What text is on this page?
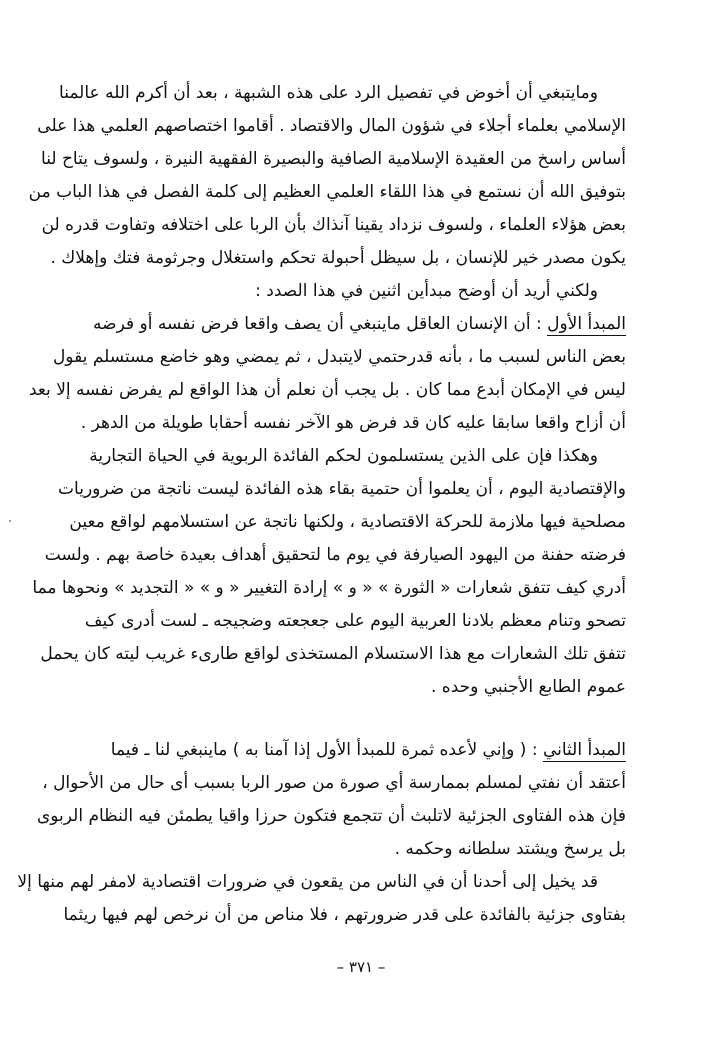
ومايتبغي أن أخوض في تفصيل الرد على هذه الشبهة ، بعد أن أكرم الله عالمنا
الإسلامي بعلماء أجلاء في شؤون المال والاقتصاد . أقاموا اختصاصهم العلمي هذا على
أساس راسخ من العقيدة الإسلامية الصافية والبصيرة الفقهية النيرة ، ولسوف يتاح لنا
بتوفيق الله أن نستمع في هذا اللقاء العلمي العظيم إلى كلمة الفصل في هذا الباب من
بعض هؤلاء العلماء ، ولسوف نزداد يقينا آنذاك بأن الربا على اختلافه وتفاوت قدره لن
يكون مصدر خير للإنسان ، بل سيظل أحبولة تحكم واستغلال وجرثومة فتك وإهلاك .
ولكني أريد أن أوضح مبدأين اثنين في هذا الصدد :
المبدأ الأول : أن الإنسان العاقل ماينبغي أن يصف واقعا فرض نفسه أو فرضه
بعض الناس لسبب ما ، بأنه قدرحتمي لايتبدل ، ثم يمضي وهو خاضع مستسلم يقول
ليس في الإمكان أبدع مما كان . بل يجب أن نعلم أن هذا الواقع لم يفرض نفسه إلا بعد
أن أزاح واقعا سابقا عليه كان قد فرض هو الآخر نفسه أحقابا طويلة من الدهر .
وهكذا فإن على الذين يستسلمون لحكم الفائدة الربوية في الحياة التجارية
والإقتصادية اليوم ، أن يعلموا أن حتمية بقاء هذه الفائدة ليست ناتجة من ضروريات
مصلحية فيها ملازمة للحركة الاقتصادية ، ولكنها ناتجة عن استسلامهم لواقع معين
فرضته حفنة من اليهود الصيارفة في يوم ما لتحقيق أهداف بعيدة خاصة بهم . ولست
أدري كيف تتفق شعارات « الثورة » « و » إرادة التغيير « و » « التجديد » ونحوها مما
تصحو وتنام معظم بلادنا العربية اليوم على جعجعته وضجيجه ـ لست أدرى كيف
تتفق تلك الشعارات مع هذا الاستسلام المستخذى لواقع طارىء غريب ليته كان يحمل
عموم الطابع الأجنبي وحده .
المبدأ الثاني : ( وإني لأعده ثمرة للمبدأ الأول إذا آمنا به ) ماينبغي لنا ـ فيما
أعتقد أن نفتي لمسلم بممارسة أي صورة من صور الربا بسبب أى حال من الأحوال ،
فإن هذه الفتاوى الجزئية لاتلبث أن تتجمع فتكون حرزا واقيا يطمئن فيه النظام الربوى
بل يرسخ ويشتد سلطانه وحكمه .
قد يخيل إلى أحدنا أن في الناس من يقعون في ضرورات اقتصادية لامفر لهم منها إلا
بفتاوى جزئية بالفائدة على قدر ضرورتهم ، فلا مناص من أن نرخص لهم فيها ريثما
– ٣٧١ –
